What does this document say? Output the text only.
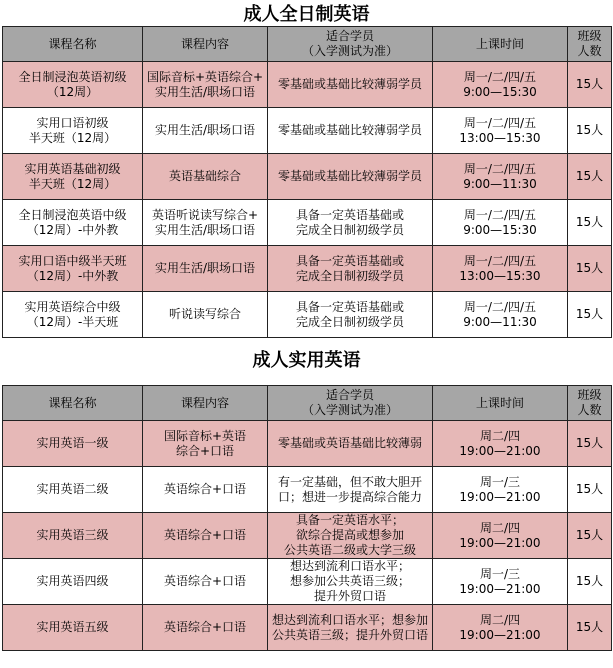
成人全日制英语
课程名称	课程内容	适合学员
（入学测试为准）	上课时间	班级
人数

全日制浸泡英语初级
（12周）	国际音标+英语综合+
实用生活/职场口语	零基础或基础比较薄弱学员	周一/二/四/五
9:00—15:30	15人

实用口语初级
半天班（12周）	实用生活/职场口语	零基础或基础比较薄弱学员	周一/二/四/五
13:00—15:30	15人

实用英语基础初级
半天班（12周）	英语基础综合	零基础或基础比较薄弱学员	周一/二/四/五
9:00—11:30	15人

全日制浸泡英语中级
（12周）-中外教	英语听说读写综合+
实用生活/职场口语	具备一定英语基础或
完成全日制初级学员	周一/二/四/五
9:00—15:30	15人

实用口语中级半天班
（12周）-中外教	实用生活/职场口语	具备一定英语基础或
完成全日制初级学员	周一/二/四/五
13:00—15:30	15人

实用英语综合中级
（12周）-半天班	听说读写综合	具备一定英语基础或
完成全日制初级学员	周一/二/四/五
9:00—11:30	15人
成人实用英语
课程名称	课程内容	适合学员
（入学测试为准）	上课时间	班级
人数

实用英语一级	国际音标+英语
综合+口语	零基础或英语基础比较薄弱	周二/四
19:00—21:00	15人

实用英语二级	英语综合+口语	有一定基础，但不敢大胆开
口；想进一步提高综合能力	周一/三
19:00—21:00	15人

实用英语三级	英语综合+口语	具备一定英语水平；
欲综合提高或想参加
公共英语二级或大学三级	周二/四
19:00—21:00	15人

实用英语四级	英语综合+口语	想达到流利口语水平；
想参加公共英语三级；
提升外贸口语	周一/三
19:00—21:00	15人

实用英语五级	英语综合+口语	想达到流利口语水平；想参加
公共英语三级；提升外贸口语	周二/四
19:00—21:00	15人
